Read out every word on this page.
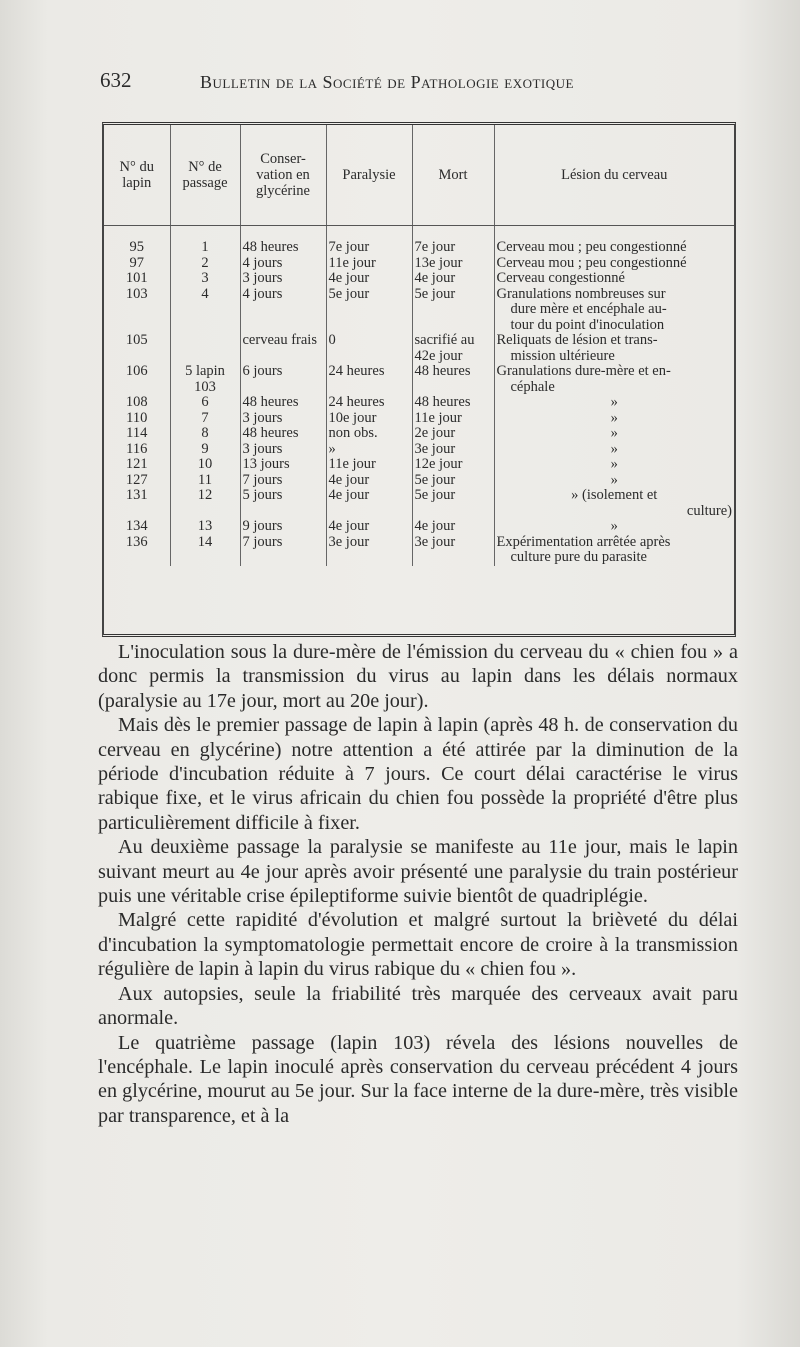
632	Bulletin de la Société de Pathologie exotique
N° du lapin	N° de passage	Conser-vation en glycérine	Paralysie	Mort	Lésion du cerveau
95	1	48 heures	7e jour	7e jour	Cerveau mou ; peu congestionné

97	2	4 jours	11e jour	13e jour	Cerveau mou ; peu congestionné

101	3	3 jours	4e jour	4e jour	Cerveau congestionné

103	4	4 jours	5e jour	5e jour	Granulations nombreuses sur
dure mère et encéphale au-
tour du point d'inoculation

105		cerveau frais	0	sacrifié au 42e jour	Reliquats de lésion et trans-
mission ultérieure

106	5 lapin 103	6 jours	24 heures	48 heures	Granulations dure-mère et en-
céphale

108	6	48 heures	24 heures	48 heures	»

110	7	3 jours	10e jour	11e jour	»

114	8	48 heures	non obs.	2e jour	»

116	9	3 jours	»	3e jour	»

121	10	13 jours	11e jour	12e jour	»

127	11	7 jours	4e jour	5e jour	»

131	12	5 jours	4e jour	5e jour	» (isolement et
culture)

134	13	9 jours	4e jour	4e jour	»

136	14	7 jours	3e jour	3e jour	Expérimentation arrêtée après
culture pure du parasite

L'inoculation sous la dure-mère de l'émission du cerveau du « chien fou » a donc permis la transmission du virus au lapin dans les délais normaux (paralysie au 17e jour, mort au 20e jour).

Mais dès le premier passage de lapin à lapin (après 48 h. de conservation du cerveau en glycérine) notre attention a été attirée par la diminution de la période d'incubation réduite à 7 jours. Ce court délai caractérise le virus rabique fixe, et le virus africain du chien fou possède la propriété d'être plus particulièrement difficile à fixer.

Au deuxième passage la paralysie se manifeste au 11e jour, mais le lapin suivant meurt au 4e jour après avoir présenté une paralysie du train postérieur puis une véritable crise épileptiforme suivie bientôt de quadriplégie.

Malgré cette rapidité d'évolution et malgré surtout la brièveté du délai d'incubation la symptomatologie permettait encore de croire à la transmission régulière de lapin à lapin du virus rabique du « chien fou ».

Aux autopsies, seule la friabilité très marquée des cerveaux avait paru anormale.

Le quatrième passage (lapin 103) révela des lésions nouvelles de l'encéphale. Le lapin inoculé après conservation du cerveau précédent 4 jours en glycérine, mourut au 5e jour. Sur la face interne de la dure-mère, très visible par transparence, et à la
